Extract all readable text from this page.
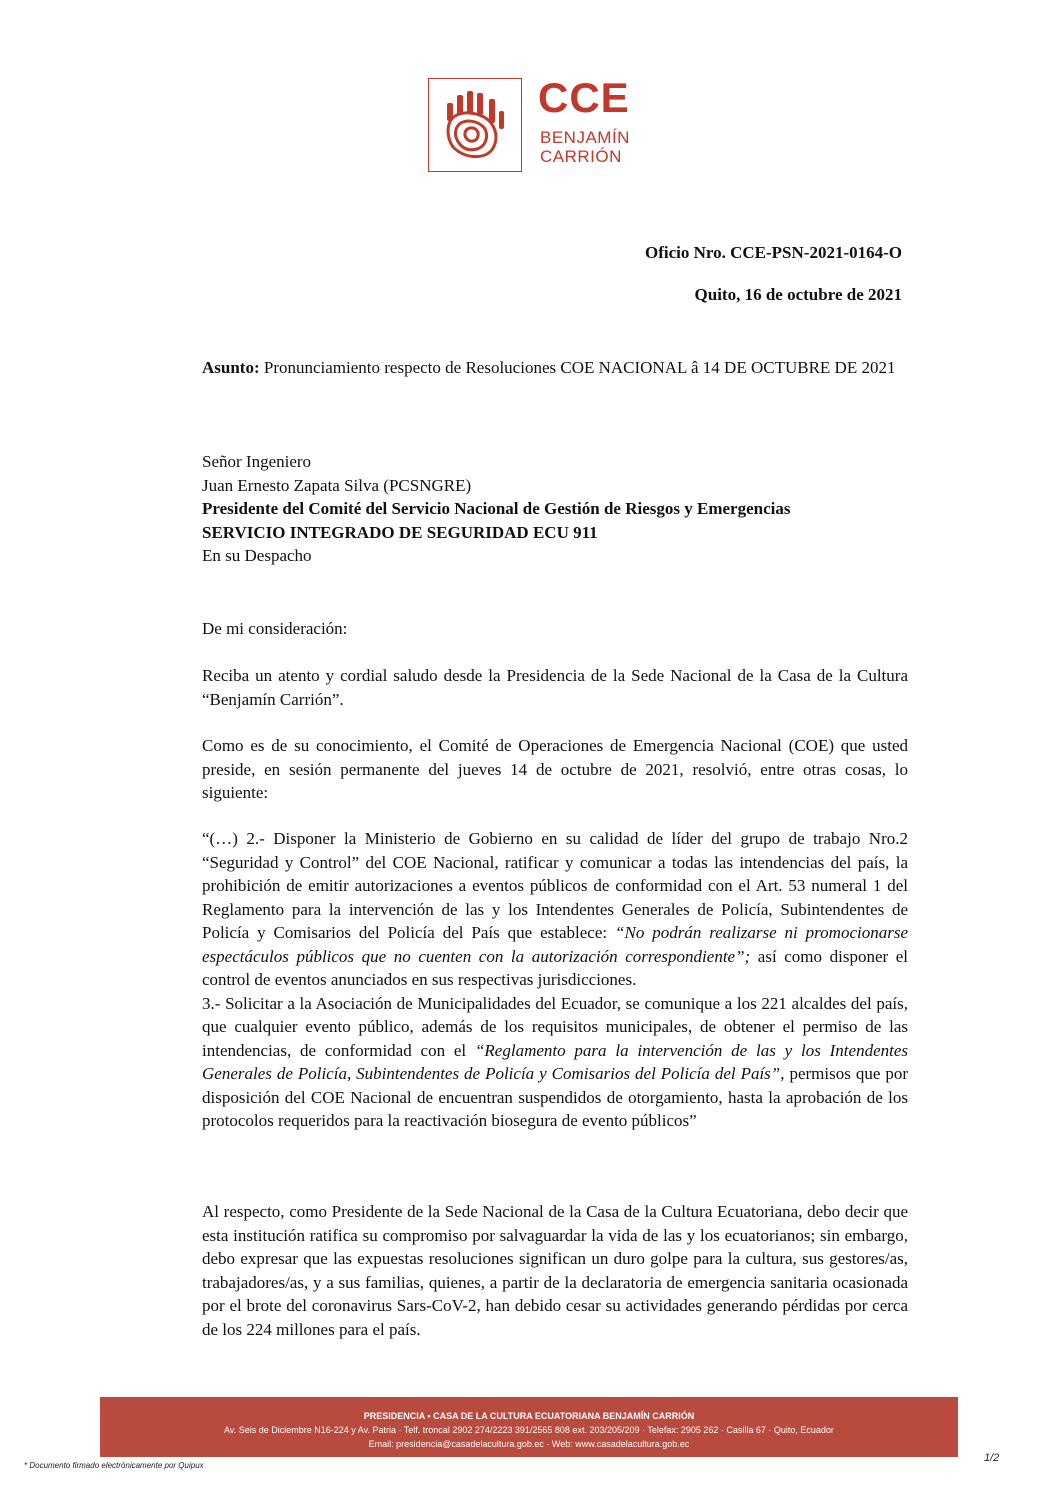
CCE
BENJAMÍN
CARRIÓN
Oficio Nro. CCE-PSN-2021-0164-O
Quito, 16 de octubre de 2021
Asunto: Pronunciamiento respecto de Resoluciones COE NACIONAL â 14 DE OCTUBRE DE 2021
Señor Ingeniero
Juan Ernesto Zapata Silva (PCSNGRE)
Presidente del Comité del Servicio Nacional de Gestión de Riesgos y Emergencias
SERVICIO INTEGRADO DE SEGURIDAD ECU 911
En su Despacho
De mi consideración:
Reciba un atento y cordial saludo desde la Presidencia de la Sede Nacional de la Casa de la Cultura “Benjamín Carrión”.
Como es de su conocimiento, el Comité de Operaciones de Emergencia Nacional (COE) que usted preside, en sesión permanente del jueves 14 de octubre de 2021, resolvió, entre otras cosas, lo siguiente:
“(…) 2.- Disponer la Ministerio de Gobierno en su calidad de líder del grupo de trabajo Nro.2 “Seguridad y Control” del COE Nacional, ratificar y comunicar a todas las intendencias del país, la prohibición de emitir autorizaciones a eventos públicos de conformidad con el Art. 53 numeral 1 del Reglamento para la intervención de las y los Intendentes Generales de Policía, Subintendentes de Policía y Comisarios del Policía del País que establece: “No podrán realizarse ni promocionarse espectáculos públicos que no cuenten con la autorización correspondiente”; así como disponer el control de eventos anunciados en sus respectivas jurisdicciones.
3.- Solicitar a la Asociación de Municipalidades del Ecuador, se comunique a los 221 alcaldes del país, que cualquier evento público, además de los requisitos municipales, de obtener el permiso de las intendencias, de conformidad con el “Reglamento para la intervención de las y los Intendentes Generales de Policía, Subintendentes de Policía y Comisarios del Policía del País”, permisos que por disposición del COE Nacional de encuentran suspendidos de otorgamiento, hasta la aprobación de los protocolos requeridos para la reactivación biosegura de evento públicos”
Al respecto, como Presidente de la Sede Nacional de la Casa de la Cultura Ecuatoriana, debo decir que esta institución ratifica su compromiso por salvaguardar la vida de las y los ecuatorianos; sin embargo, debo expresar que las expuestas resoluciones significan un duro golpe para la cultura, sus gestores/as, trabajadores/as, y a sus familias, quienes, a partir de la declaratoria de emergencia sanitaria ocasionada por el brote del coronavirus Sars-CoV-2, han debido cesar su actividades generando pérdidas por cerca de los 224 millones para el país.
PRESIDENCIA • CASA DE LA CULTURA ECUATORIANA BENJAMÍN CARRIÓN
Av. Seis de Diciembre N16-224 y Av. Patria · Telf. troncal 2902 274/2223 391/2565 808 ext. 203/205/209 · Telefax: 2905 262 · Casilla 67 · Quito, Ecuador
Email: presidencia@casadelacultura.gob.ec · Web: www.casadelacultura.gob.ec
* Documento firmado electrónicamente por Quipux
1/2
